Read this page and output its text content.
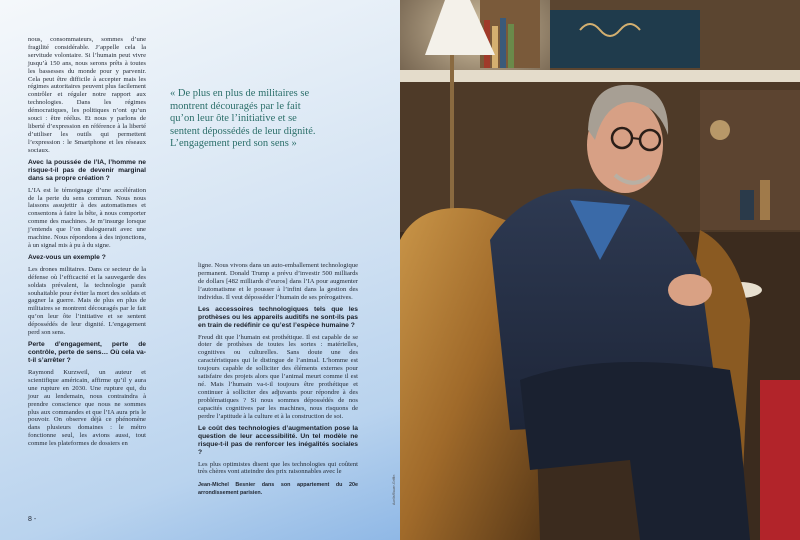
nous, consommateurs, sommes d’une fragilité considérable. J’appelle cela la servitude volontaire. Si l’humain peut vivre jusqu’à 150 ans, nous serons prêts à toutes les bassesses du monde pour y parvenir. Cela peut être difficile à accepter mais les régimes autoritaires peuvent plus facilement contrôler et réguler notre rapport aux technologies. Dans les régimes démocratiques, les politiques n’ont qu’un souci : être réélus. Et nous y parlons de liberté d’expression en référence à la liberté d’utiliser les outils qui permettent l’expression : le Smartphone et les réseaux sociaux.

Avec la poussée de l’IA, l’homme ne risque-t-il pas de devenir marginal dans sa propre création ?

L’IA est le témoignage d’une accélération de la perte du sens commun. Nous nous laissons assujettir à des automatismes et consentons à faire la bête, à nous comporter comme des machines. Je m’insurge lorsque j’entends que l’on dialoguerait avec une machine. Nous répondons à des injonctions, à un signal mis à pu à du signe.

Avez-vous un exemple ?

Les drones militaires. Dans ce secteur de la défense où l’efficacité et la sauvegarde des soldats prévalent, la technologie paraît souhaitable pour éviter la mort des soldats et gagner la guerre. Mais de plus en plus de militaires se montrent découragés par le fait qu’on leur ôte l’initiative et se sentent dépossédés de leur dignité. L’engagement perd son sens.

Perte d’engagement, perte de contrôle, perte de sens… Où cela va-t-il s’arrêter ?

Raymond Kurzweil, un auteur et scientifique américain, affirme qu’il y aura une rupture en 2030. Une rupture qui, du jour au lendemain, nous contraindra à prendre conscience que nous ne sommes plus aux commandes et que l’IA aura pris le pouvoir. On observe déjà ce phénomène dans plusieurs domaines : le métro fonctionne seul, les avions aussi, tout comme les plateformes de dossiers en

« De plus en plus de militaires se montrent découragés par le fait qu’on leur ôte l’initiative et se sentent dépossédés de leur dignité. L’engagement perd son sens »

ligne. Nous vivons dans un auto-emballement technologique permanent. Donald Trump a prévu d’investir 500 milliards de dollars [482 milliards d’euros] dans l’IA pour augmenter l’automatisme et le pousser à l’infini dans la gestion des individus. Il veut déposséder l’humain de ses prérogatives.

Les accessoires technologiques tels que les prothèses ou les appareils auditifs ne sont-ils pas en train de redéfinir ce qu’est l’espèce humaine ?

Freud dit que l’humain est prothétique. Il est capable de se doter de prothèses de toutes les sortes : matérielles, cognitives ou culturelles. Sans doute une des caractéristiques qui le distingue de l’animal. L’homme est toujours capable de solliciter des éléments externes pour satisfaire des projets alors que l’animal meurt comme il est né. Mais l’humain va-t-il toujours être prothétique et continuer à solliciter des adjuvants pour répondre à des problématiques ? Si nous sommes dépossédés de nos capacités cognitives par les machines, nous risquons de perdre l’aptitude à la culture et à la construction de soi.

Le coût des technologies d’augmentation pose la question de leur accessibilité. Un tel modèle ne risque-t-il pas de renforcer les inégalités sociales ?

Les plus optimistes disent que les technologies qui coûtent très chères vont atteindre des prix raisonnables avec le

Jean-Michel Besnier dans son appartement du 20e arrondissement parisien.

8 -
Axelle/Bauer-Griffin
